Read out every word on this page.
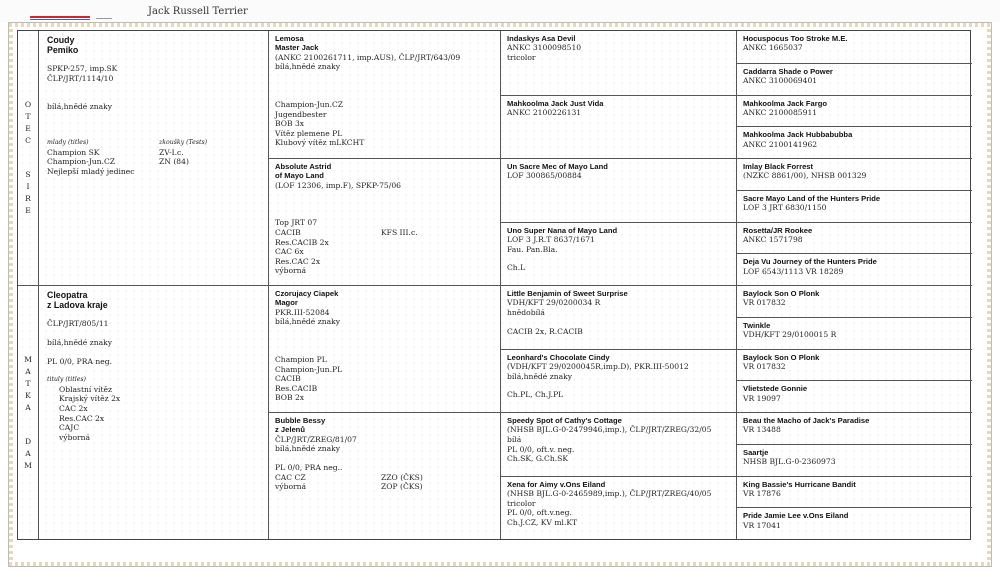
Jack Russell Terrier
O
T
E
C
S
I
R
E
M
A
T
K
A
D
A
M
Coudy
Pemiko
SPKP-257, imp.SK
ČLP/JRT/1114/10
bílá,hnědé znaky
mlady (titles)	zkoušky (Tests)
Champion SK	ZV-I.c.
Champion-Jun.CZ	ZN (84)
Nejlepší mladý jedinec
Cleopatra
z Ladova kraje
ČLP/JRT/805/11
bílá,hnědé znaky
PL 0/0, PRA neg.
tituly (titles)
Oblastní vítěz
Krajský vítěz 2x
CAC 2x
Res.CAC 2x
CAJC
výborná
Lemosa
Master Jack
(ANKC 2100261711, imp.AUS), ČLP/JRT/643/09
bílá,hnědé znaky
Champion-Jun.CZ
Jugendbester
BOB 3x
Vítěz plemene PL
Klubový vítěz mLKCHT
Absolute Astrid
of Mayo Land
(LOF 12306, imp.F), SPKP-75/06
Top JRT 07
CACIB	KFS III.c.
Res.CACIB 2x
CAC 6x
Res.CAC 2x
výborná
Czorujacy Ciapek
Magor
PKR.III-52084
bílá,hnědé znaky
Champion PL
Champion-Jun.PL
CACIB
Res.CACIB
BOB 2x
Bubble Bessy
z Jelenů
ČLP/JRT/ZREG/81/07
bílá,hnědé znaky
PL 0/0, PRA neg..
CAC CZ	ZZO (ČKS)
výborná	ZOP (ČKS)
Indaskys Asa Devil
ANKC 3100098510
tricolor
Mahkoolma Jack Just Vida
ANKC 2100226131
Un Sacre Mec of Mayo Land
LOF 300865/00884
Uno Super Nana of Mayo Land
LOF 3 J.R.T 8637/1671
Fau. Pan.Bla.
Ch.L
Little Benjamin of Sweet Surprise
VDH/KFT 29/0200034 R
hnědobílá
CACIB 2x, R.CACIB
Leonhard's Chocolate Cindy
(VDH/KFT 29/0200045R,imp.D), PKR.III-50012
bílá,hnědé znaky
Ch.PL, Ch.J.PL
Speedy Spot of Cathy's Cottage
(NHSB BJL.G-0-2479946,imp.), ČLP/JRT/ZREG/32/05
bílá
PL 0/0, oft.v. neg.
Ch.SK, G.Ch.SK
Xena for Aimy v.Ons Eiland
(NHSB BJL.G-0-2465989,imp.), ČLP/JRT/ZREG/40/05
tricolor
PL 0/0, oft.v.neg.
Ch.J.CZ, KV ml.KT
Hocuspocus Too Stroke M.E.
ANKC 1665037
Caddarra Shade o Power
ANKC 3100069401
Mahkoolma Jack Fargo
ANKC 2100085911
Mahkoolma Jack Hubbabubba
ANKC 2100141962
Imlay Black Forrest
(NZKC 8861/00), NHSB 001329
Sacre Mayo Land of the Hunters Pride
LOF 3 JRT 6830/1150
Rosetta/JR Rookee
ANKC 1571798
Deja Vu Journey of the Hunters Pride
LOF 6543/1113 VR 18289
Baylock Son O Plonk
VR 017832
Twinkle
VDH/KFT 29/0100015 R
Baylock Son O Plonk
VR 017832
Vlietstede Gonnie
VR 19097
Beau the Macho of Jack's Paradise
VR 13488
Saartje
NHSB BJL.G-0-2360973
King Bassie's Hurricane Bandit
VR 17876
Pride Jamie Lee v.Ons Eiland
VR 17041
